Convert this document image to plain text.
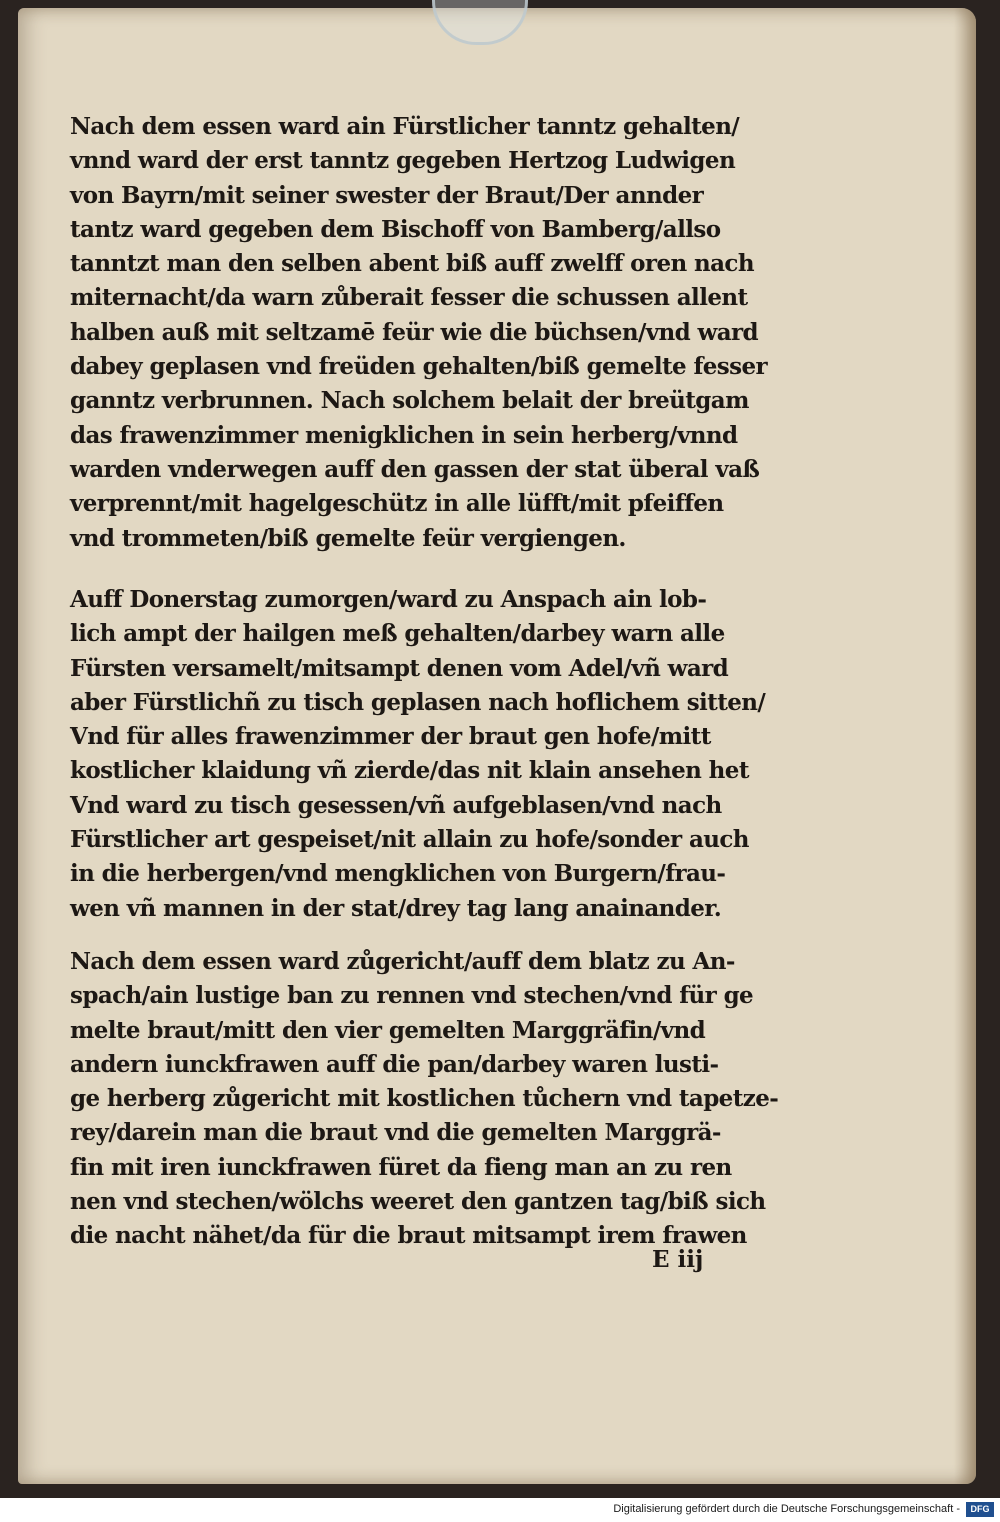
Nach dem essen ward ain Fürstlicher tanntz gehalten/
vnnd ward der erst tanntz gegeben Hertzog Ludwigen
von Bayrn/mit seiner swester der Braut/Der annder
tantz ward gegeben dem Bischoff von Bamberg/allso
tanntzt man den selben abent biß auff zwelff oren nach
miternacht/da warn zůberait fesser die schussen allent
halben auß mit seltzamē feür wie die büchsen/vnd ward
dabey geplasen vnd freüden gehalten/biß gemelte fesser
ganntz verbrunnen. Nach solchem belait der breütgam
das frawenzimmer menigklichen in sein herberg/vnnd
warden vnderwegen auff den gassen der stat überal vaß
verprennt/mit hagelgeschütz in alle lüfft/mit pfeiffen
vnd trommeten/biß gemelte feür vergiengen.
Auff Donerstag zumorgen/ward zu Anspach ain lob-
lich ampt der hailgen meß gehalten/darbey warn alle
Fürsten versamelt/mitsampt denen vom Adel/vñ ward
aber Fürstlichñ zu tisch geplasen nach hoflichem sitten/
Vnd für alles frawenzimmer der braut gen hofe/mitt
kostlicher klaidung vñ zierde/das nit klain ansehen het
Vnd ward zu tisch gesessen/vñ aufgeblasen/vnd nach
Fürstlicher art gespeiset/nit allain zu hofe/sonder auch
in die herbergen/vnd mengklichen von Burgern/frau-
wen vñ mannen in der stat/drey tag lang anainander.
Nach dem essen ward zůgericht/auff dem blatz zu An-
spach/ain lustige ban zu rennen vnd stechen/vnd für ge
melte braut/mitt den vier gemelten Marggräfin/vnd
andern iunckfrawen auff die pan/darbey waren lusti-
ge herberg zůgericht mit kostlichen tůchern vnd tapetze-
rey/darein man die braut vnd die gemelten Marggrä-
fin mit iren iunckfrawen füret da fieng man an zu ren
nen vnd stechen/wölchs weeret den gantzen tag/biß sich
die nacht nähet/da für die braut mitsampt irem frawen
E iij
Digitalisierung gefördert durch die Deutsche Forschungsgemeinschaft -	DFG
